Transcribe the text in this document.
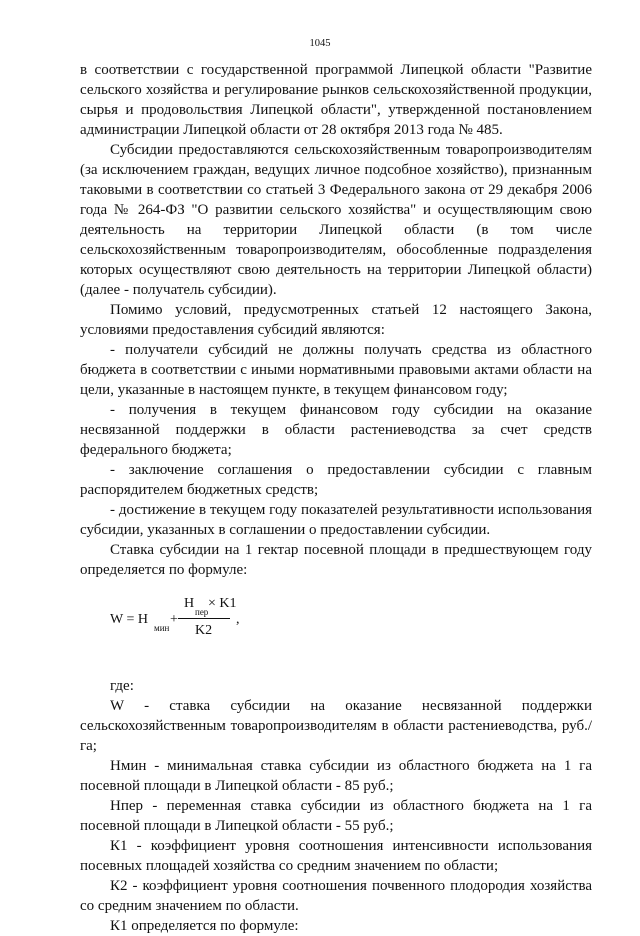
1045

в соответствии с государственной программой Липецкой области "Развитие сельского хозяйства и регулирование рынков сельскохозяйственной продукции, сырья и продовольствия Липецкой области", утвержденной постановлением администрации Липецкой области от 28 октября 2013 года № 485.

Субсидии предоставляются сельскохозяйственным товаропроизводителям (за исключением граждан, ведущих личное подсобное хозяйство), признанным таковыми в соответствии со статьей 3 Федерального закона от 29 декабря 2006 года № 264-ФЗ "О развитии сельского хозяйства" и осуществляющим свою деятельность на территории Липецкой области (в том числе сельскохозяйственным товаропроизводителям, обособленные подразделения которых осуществляют свою деятельность на территории Липецкой области) (далее - получатель субсидии).

Помимо условий, предусмотренных статьей 12 настоящего Закона, условиями предоставления субсидий являются:

- получатели субсидий не должны получать средства из областного бюджета в соответствии с иными нормативными правовыми актами области на цели, указанные в настоящем пункте, в текущем финансовом году;

- получения в текущем финансовом году субсидии на оказание несвязанной поддержки в области растениеводства за счет средств федерального бюджета;

- заключение соглашения о предоставлении субсидии с главным распорядителем бюджетных средств;

- достижение в текущем году показателей результативности использования субсидии, указанных в соглашении о предоставлении субсидии.

Ставка субсидии на 1 гектар посевной площади в предшествующем году определяется по формуле:

W = H
мин
+
H
пер
× K1
K2
,

где:

W - ставка субсидии на оказание несвязанной поддержки сельскохозяйственным товаропроизводителям в области растениеводства, руб./га;

Нмин - минимальная ставка субсидии из областного бюджета на 1 га посевной площади в Липецкой области - 85 руб.;

Нпер - переменная ставка субсидии из областного бюджета на 1 га посевной площади в Липецкой области - 55 руб.;

К1 - коэффициент уровня соотношения интенсивности использования посевных площадей хозяйства со средним значением по области;

К2 - коэффициент уровня соотношения почвенного плодородия хозяйства со средним значением по области.

К1 определяется по формуле:
